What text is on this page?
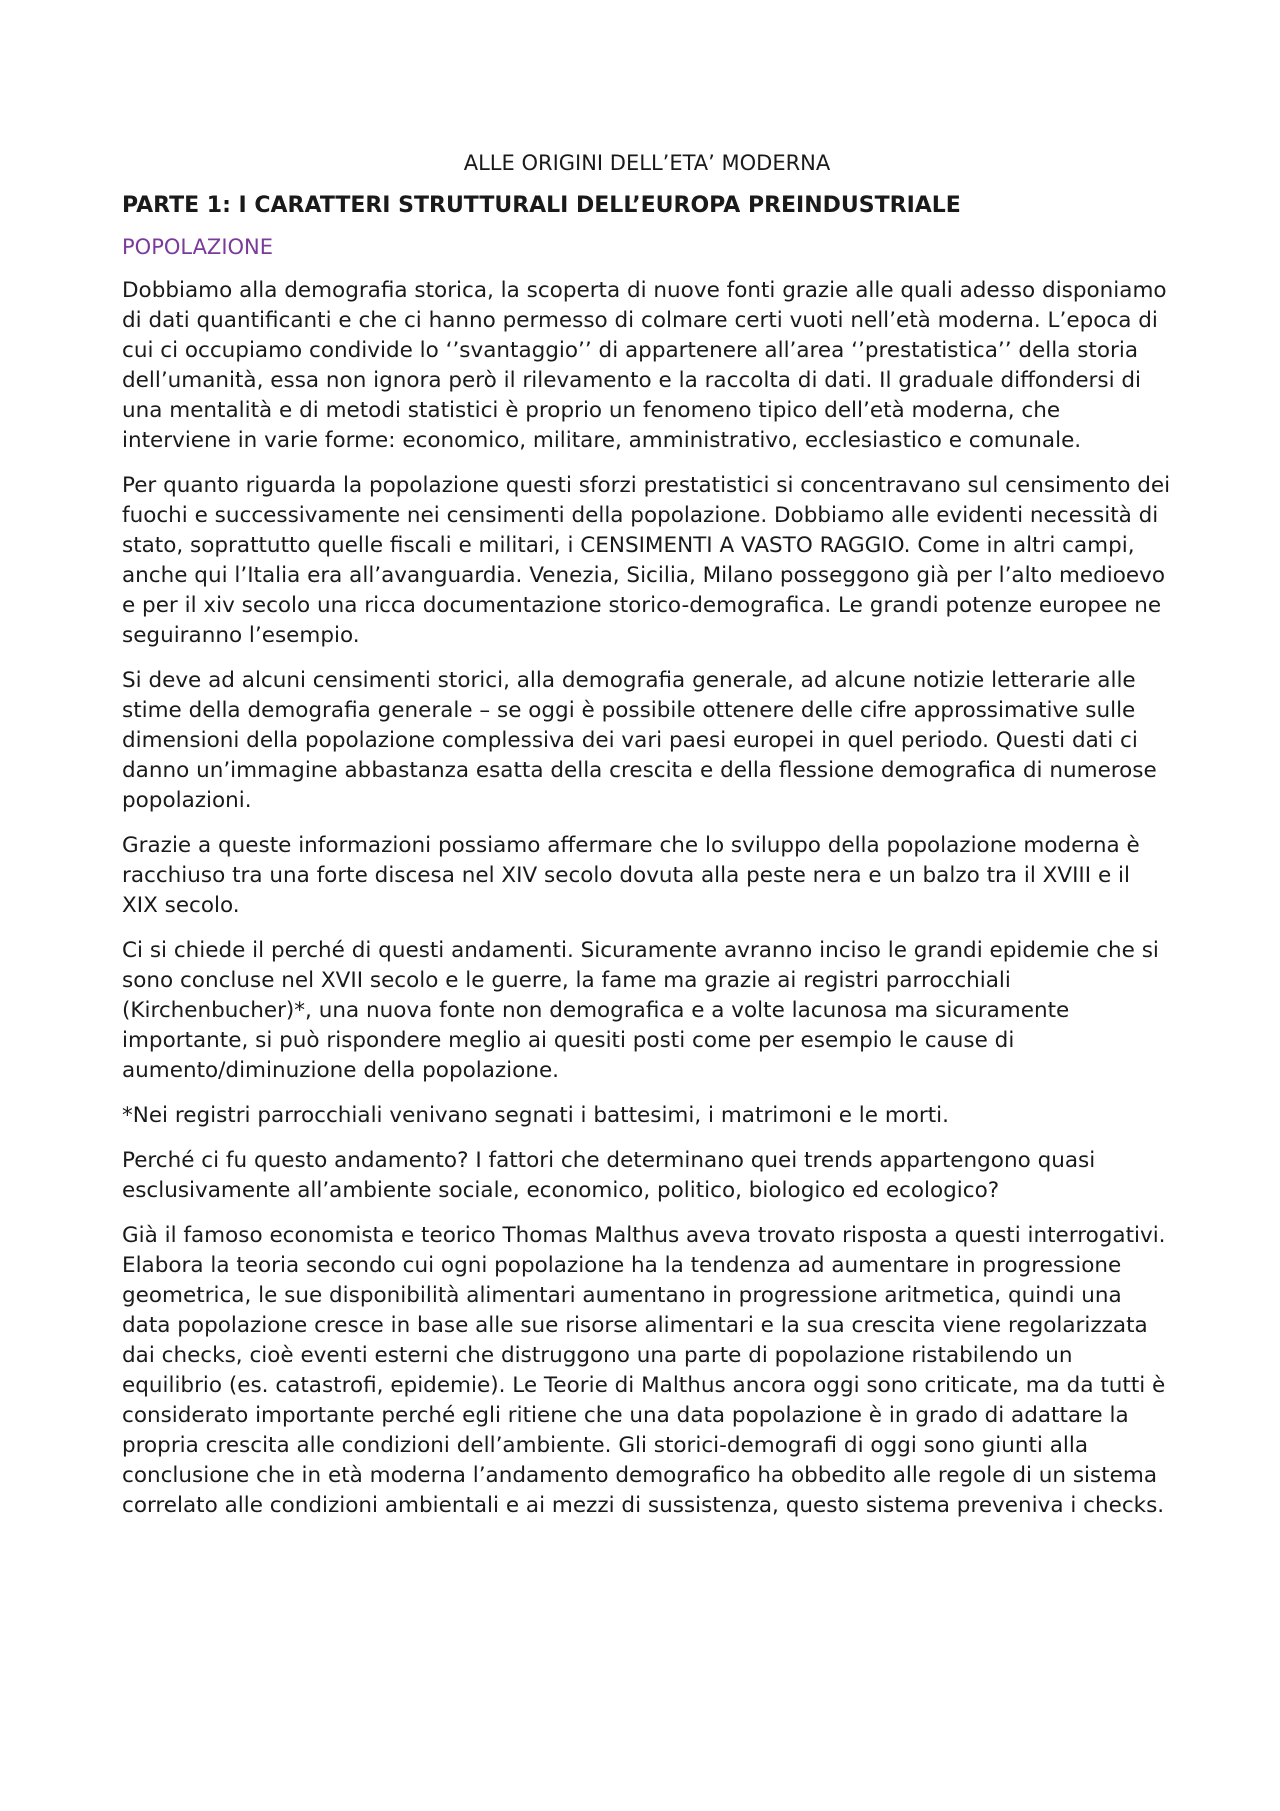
ALLE ORIGINI DELL’ETA’ MODERNA
PARTE 1: I CARATTERI STRUTTURALI DELL’EUROPA PREINDUSTRIALE
POPOLAZIONE

Dobbiamo alla demografia storica, la scoperta di nuove fonti grazie alle quali adesso disponiamo di dati quantificanti e che ci hanno permesso di colmare certi vuoti nell’età moderna. L’epoca di cui ci occupiamo condivide lo ‘’svantaggio’’ di appartenere all’area ‘’prestatistica’’ della storia dell’umanità, essa non ignora però il rilevamento e la raccolta di dati. Il graduale diffondersi di una mentalità e di metodi statistici è proprio un fenomeno tipico dell’età moderna, che interviene in varie forme: economico, militare, amministrativo, ecclesiastico e comunale.

Per quanto riguarda la popolazione questi sforzi prestatistici si concentravano sul censimento dei fuochi e successivamente nei censimenti della popolazione. Dobbiamo alle evidenti necessità di stato, soprattutto quelle fiscali e militari, i CENSIMENTI A VASTO RAGGIO. Come in altri campi, anche qui l’Italia era all’avanguardia. Venezia, Sicilia, Milano posseggono già per l’alto medioevo e per il xiv secolo una ricca documentazione storico-demografica. Le grandi potenze europee ne seguiranno l’esempio.

Si deve ad alcuni censimenti storici, alla demografia generale, ad alcune notizie letterarie alle stime della demografia generale – se oggi è possibile ottenere delle cifre approssimative sulle dimensioni della popolazione complessiva dei vari paesi europei in quel periodo. Questi dati ci danno un’immagine abbastanza esatta della crescita e della flessione demografica di numerose popolazioni.

Grazie a queste informazioni possiamo affermare che lo sviluppo della popolazione moderna è racchiuso tra una forte discesa nel XIV secolo dovuta alla peste nera e un balzo tra il XVIII e il XIX secolo.

Ci si chiede il perché di questi andamenti. Sicuramente avranno inciso le grandi epidemie che si sono concluse nel XVII secolo e le guerre, la fame ma grazie ai registri parrocchiali (Kirchenbucher)*, una nuova fonte non demografica e a volte lacunosa ma sicuramente importante, si può rispondere meglio ai quesiti posti come per esempio le cause di aumento/diminuzione della popolazione.

*Nei registri parrocchiali venivano segnati i battesimi, i matrimoni e le morti.

Perché ci fu questo andamento? I fattori che determinano quei trends appartengono quasi esclusivamente all’ambiente sociale, economico, politico, biologico ed ecologico?

Già il famoso economista e teorico Thomas Malthus aveva trovato risposta a questi interrogativi. Elabora la teoria secondo cui ogni popolazione ha la tendenza ad aumentare in progressione geometrica, le sue disponibilità alimentari aumentano in progressione aritmetica, quindi una data popolazione cresce in base alle sue risorse alimentari e la sua crescita viene regolarizzata dai checks, cioè eventi esterni che distruggono una parte di popolazione ristabilendo un equilibrio (es. catastrofi, epidemie). Le Teorie di Malthus ancora oggi sono criticate, ma da tutti è considerato importante perché egli ritiene che una data popolazione è in grado di adattare la propria crescita alle condizioni dell’ambiente. Gli storici-demografi di oggi sono giunti alla conclusione che in età moderna l’andamento demografico ha obbedito alle regole di un sistema correlato alle condizioni ambientali e ai mezzi di sussistenza, questo sistema preveniva i checks.
